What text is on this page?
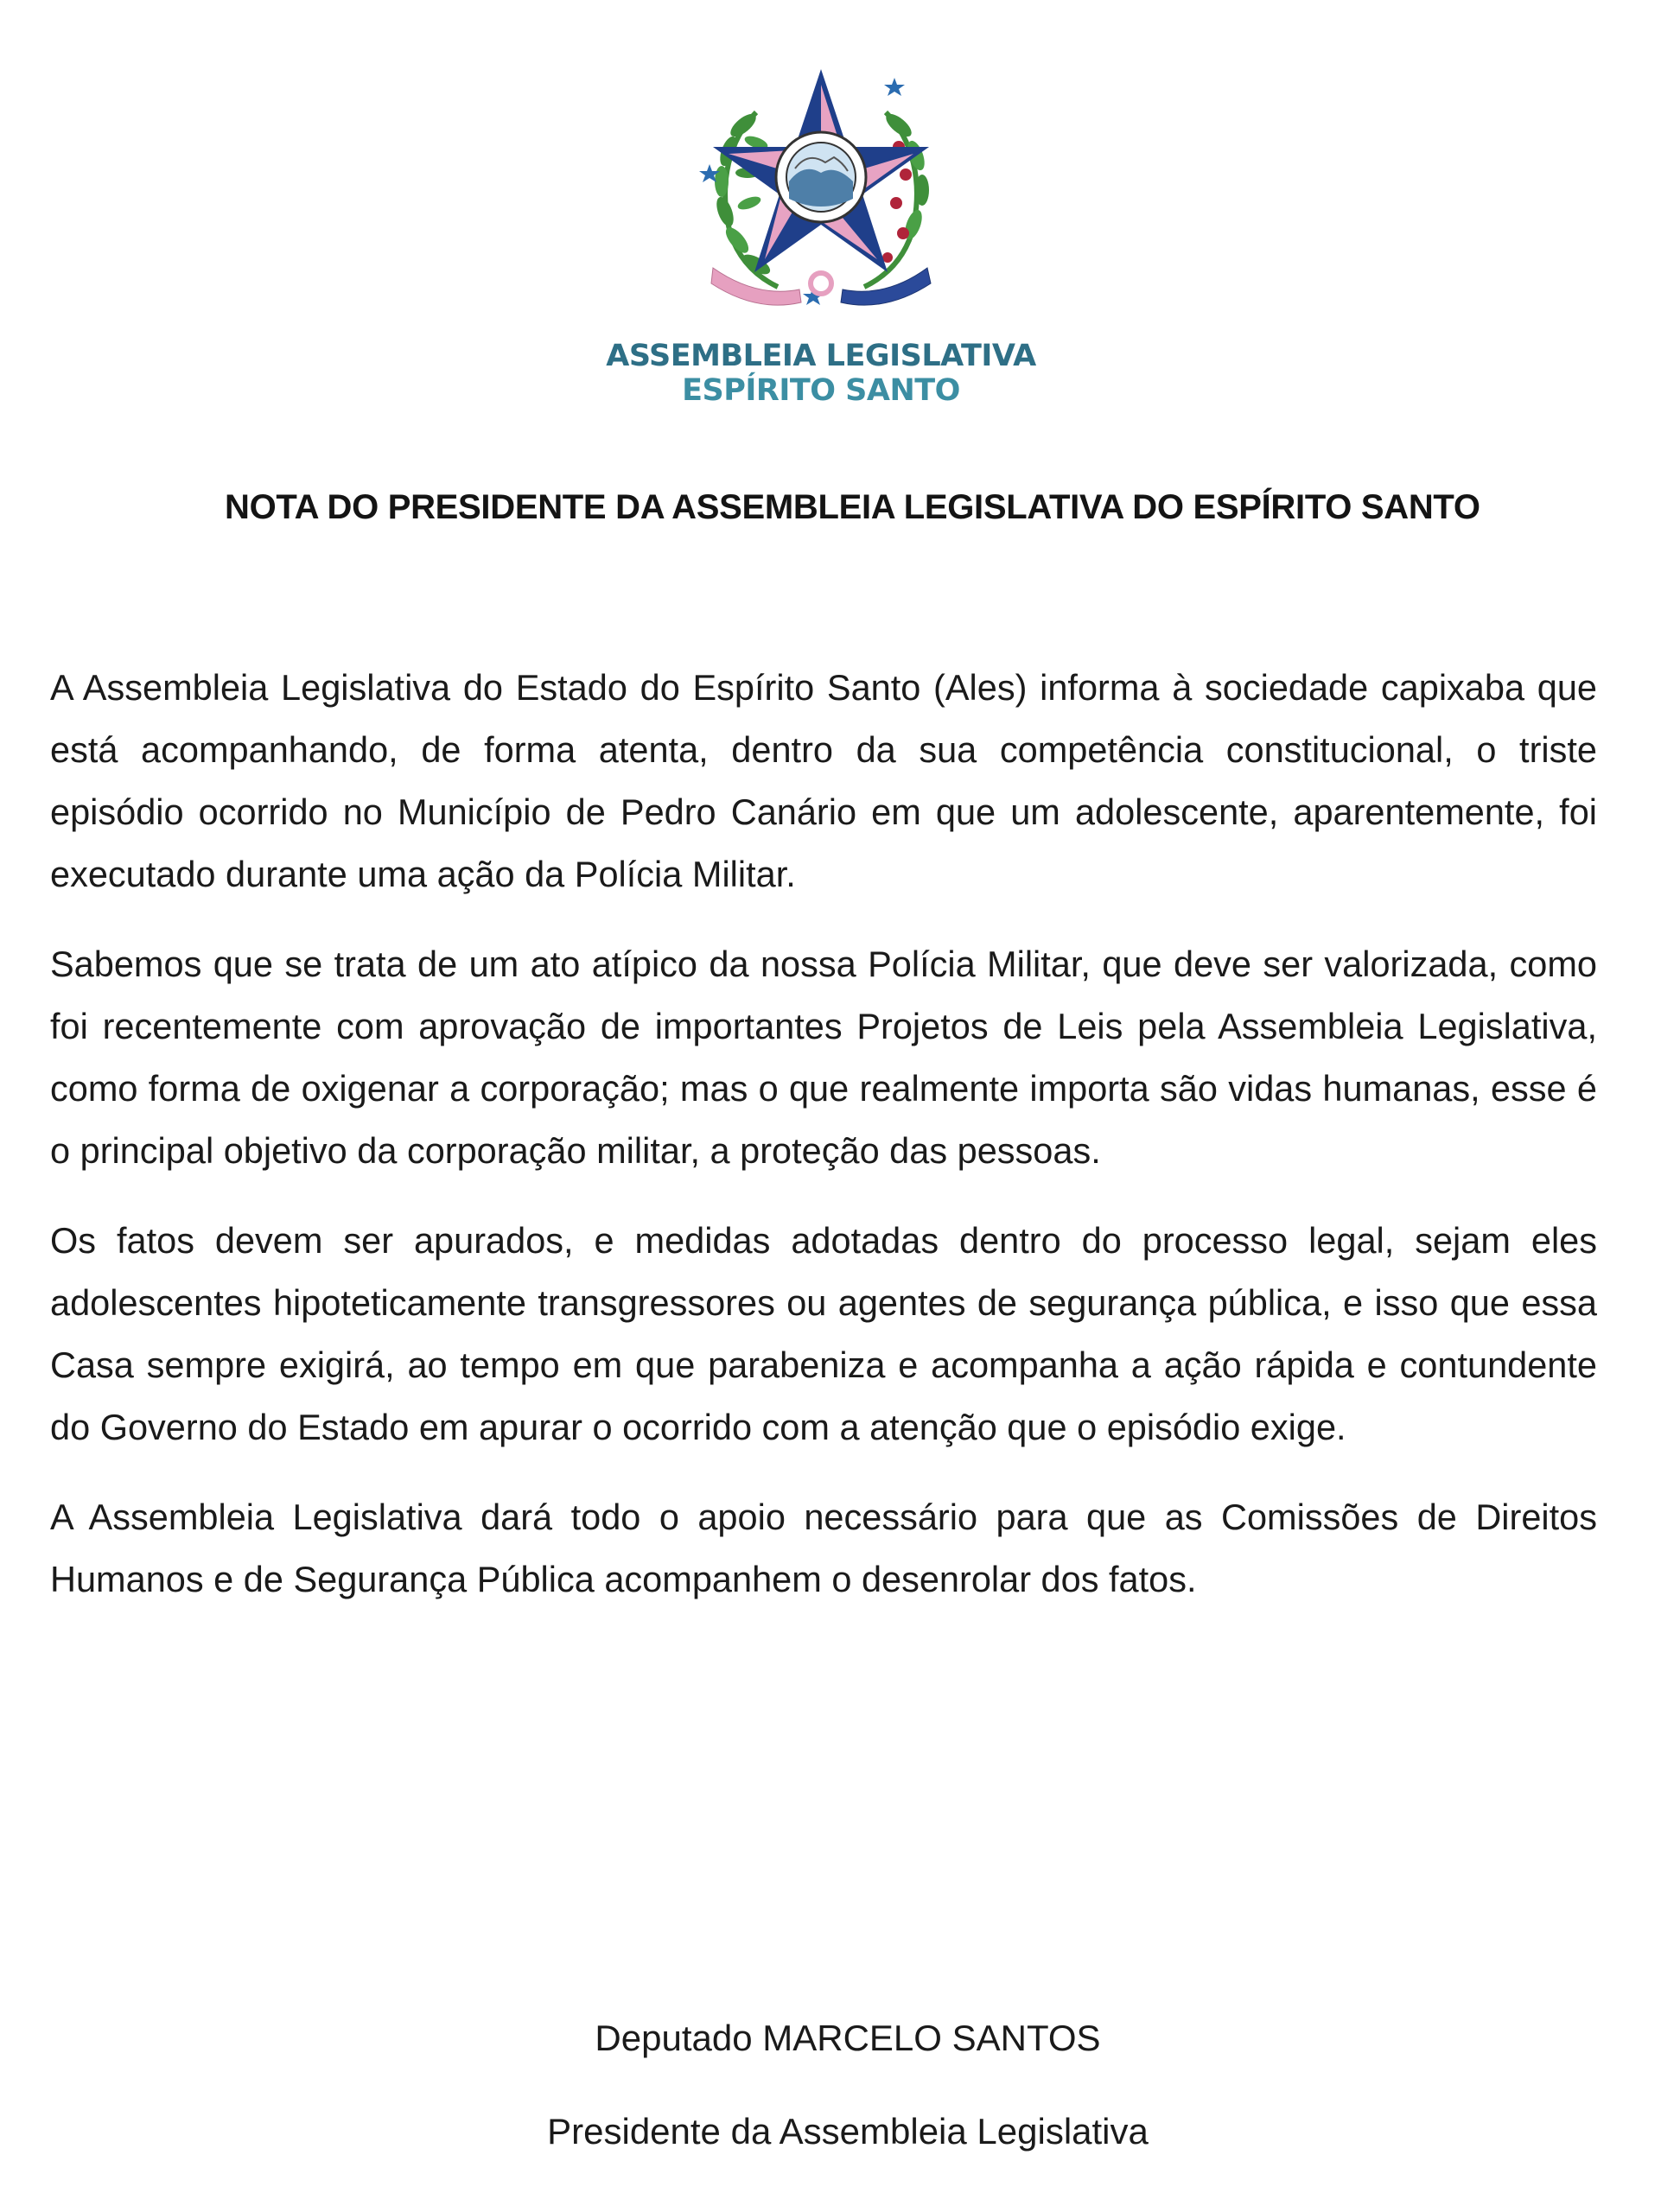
ASSEMBLEIA LEGISLATIVA
ESPÍRITO SANTO
NOTA DO PRESIDENTE DA ASSEMBLEIA LEGISLATIVA DO ESPÍRITO SANTO

A Assembleia Legislativa do Estado do Espírito Santo (Ales) informa à sociedade capixaba que está acompanhando, de forma atenta, dentro da sua competência constitucional, o triste episódio ocorrido no Município de Pedro Canário em que um adolescente, aparentemente, foi executado durante uma ação da Polícia Militar.

Sabemos que se trata de um ato atípico da nossa Polícia Militar, que deve ser valorizada, como foi recentemente com aprovação de importantes Projetos de Leis pela Assembleia Legislativa, como forma de oxigenar a corporação; mas o que realmente importa são vidas humanas, esse é o principal objetivo da corporação militar, a proteção das pessoas.

Os fatos devem ser apurados, e medidas adotadas dentro do processo legal, sejam eles adolescentes hipoteticamente transgressores ou agentes de segurança pública, e isso que essa Casa sempre exigirá, ao tempo em que parabeniza e acompanha a ação rápida e contundente do Governo do Estado em apurar o ocorrido com a atenção que o episódio exige.

A Assembleia Legislativa dará todo o apoio necessário para que as Comissões de Direitos Humanos e de Segurança Pública acompanhem o desenrolar dos fatos.

Deputado MARCELO SANTOS
Presidente da Assembleia Legislativa
